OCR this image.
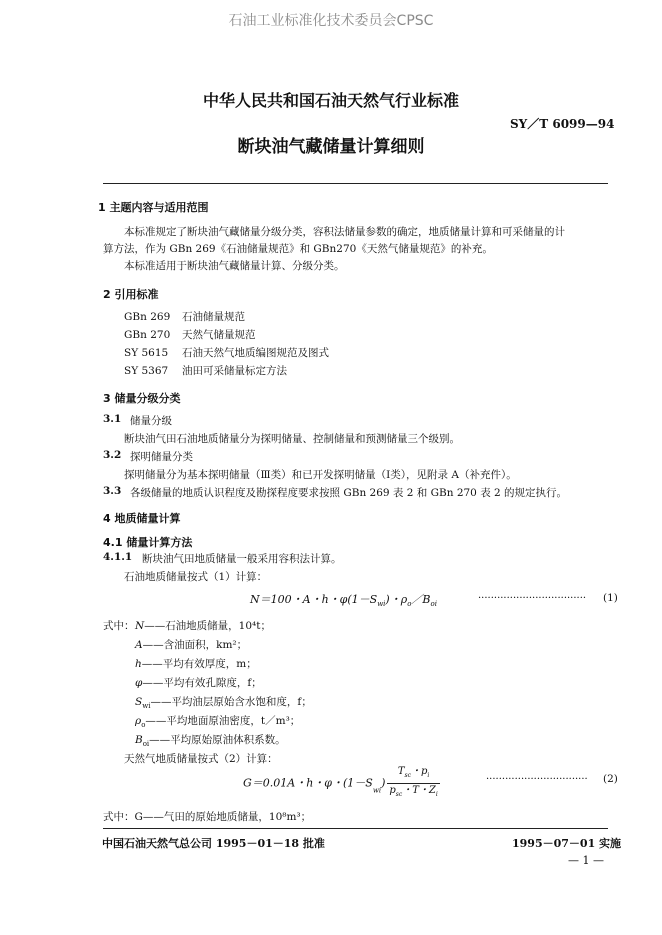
石油工业标准化技术委员会CPSC
中华人民共和国石油天然气行业标准
SY／T 6099—94
断块油气藏储量计算细则
1 主题内容与适用范围
本标准规定了断块油气藏储量分级分类，容积法储量参数的确定，地质储量计算和可采储量的计
算方法，作为 GBn 269《石油储量规范》和 GBn270《天然气储量规范》的补充。
本标准适用于断块油气藏储量计算、分级分类。
2 引用标准
GBn 269 石油储量规范
GBn 270 天然气储量规范
SY 5615 石油天然气地质编图规范及图式
SY 5367 油田可采储量标定方法
3 储量分级分类
3.1 储量分级
断块油气田石油地质储量分为探明储量、控制储量和预测储量三个级别。
3.2 探明储量分类
探明储量分为基本探明储量（Ⅲ类）和已开发探明储量（Ⅰ类），见附录 A（补充件）。
3.3 各级储量的地质认识程度及勘探程度要求按照 GBn 269 表 2 和 GBn 270 表 2 的规定执行。
4 地质储量计算
4.1 储量计算方法
4.1.1 断块油气田地质储量一般采用容积法计算。
石油地质储量按式（1）计算：
N＝100・A・h・$\varphi(1-S_{wi})$・$\rho_o/B_{oi}$
·································· (1)
式中： N——石油地质储量，10⁴t；
A——含油面积，km²；
h——平均有效厚度，m；
φ——平均有效孔隙度，f；
$S_{wi}——$平均油层原始含水饱和度，f；
$\rho_o——$平均地面原油密度，t／m³；
$B_{oi}——$平均原始原油体积系数。
天然气地质储量按式（2）计算：
G＝0.01A・h・φ・$(1-S_{wi}) \frac{T_{sc}・p_i}{p_{sc}・T・Z_i}$	································ (2)
式中：G——气田的原始地质储量，10⁸m³；
中国石油天然气总公司 1995－01－18 批准	1995－07－01 实施
— 1 —
